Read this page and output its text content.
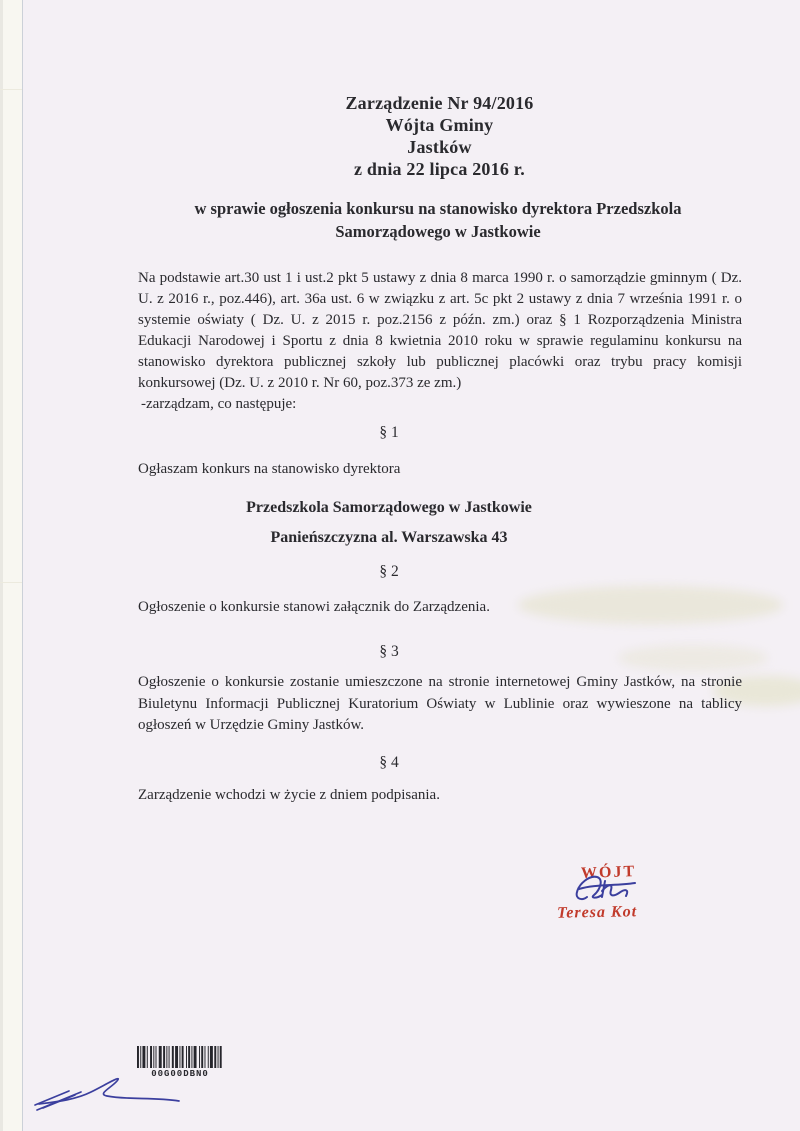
Zarządzenie Nr 94/2016
Wójta Gminy
Jastków
z dnia 22 lipca 2016 r.
w sprawie ogłoszenia konkursu na stanowisko dyrektora Przedszkola
Samorządowego w Jastkowie

Na podstawie art.30 ust 1 i ust.2 pkt 5 ustawy z dnia 8 marca 1990 r. o samorządzie gminnym ( Dz. U. z 2016 r., poz.446), art. 36a ust. 6 w związku z art. 5c pkt 2 ustawy z dnia 7 września 1991 r. o systemie oświaty ( Dz. U. z 2015 r. poz.2156 z późn. zm.) oraz § 1 Rozporządzenia Ministra Edukacji Narodowej i Sportu z dnia 8 kwietnia 2010 roku w sprawie regulaminu konkursu na stanowisko dyrektora publicznej szkoły lub publicznej placówki oraz trybu pracy komisji konkursowej (Dz. U. z 2010 r. Nr 60, poz.373 ze zm.)

-zarządzam, co następuje:

§ 1
Ogłaszam konkurs na stanowisko dyrektora
Przedszkola Samorządowego w Jastkowie
Panieńszczyzna al. Warszawska 43
§ 2
Ogłoszenie o konkursie stanowi załącznik do Zarządzenia.
§ 3

Ogłoszenie o konkursie zostanie umieszczone na stronie internetowej Gminy Jastków, na stronie Biuletynu Informacji Publicznej Kuratorium Oświaty w Lublinie oraz wywieszone na tablicy ogłoszeń w Urzędzie Gminy Jastków.

§ 4
Zarządzenie wchodzi w życie z dniem podpisania.
WÓJT
Teresa Kot
00G00DBN0
